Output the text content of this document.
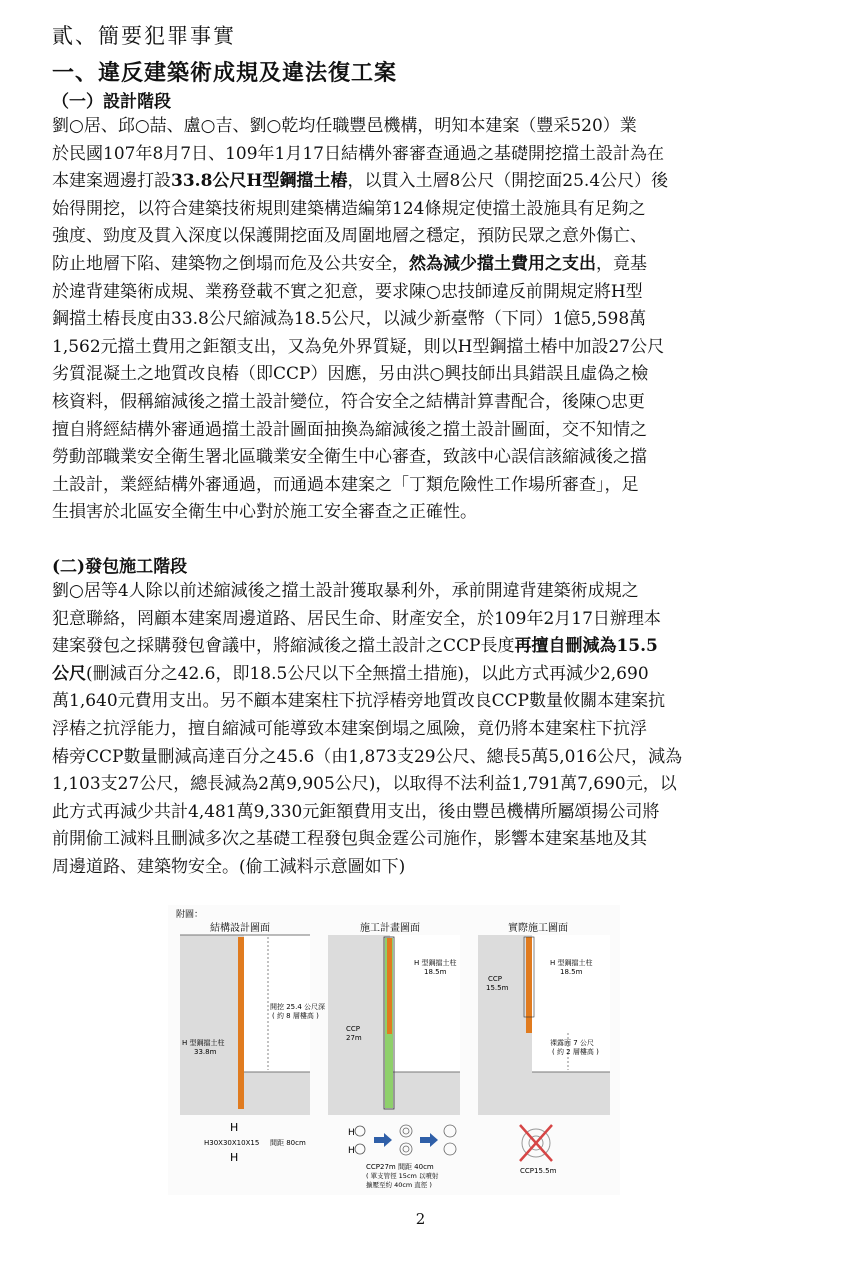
貳、簡要犯罪事實
一、違反建築術成規及違法復工案
（一）設計階段
劉○居、邱○喆、盧○吉、劉○乾均任職豐邑機構，明知本建案（豐采520）業
於民國107年8月7日、109年1月17日結構外審審查通過之基礎開挖擋土設計為在
本建案週邊打設33.8公尺H型鋼擋土樁，以貫入土層8公尺（開挖面25.4公尺）後
始得開挖，以符合建築技術規則建築構造編第124條規定使擋土設施具有足夠之
強度、勁度及貫入深度以保護開挖面及周圍地層之穩定，預防民眾之意外傷亡、
防止地層下陷、建築物之倒塌而危及公共安全，然為減少擋土費用之支出，竟基
於違背建築術成規、業務登載不實之犯意，要求陳○忠技師違反前開規定將H型
鋼擋土樁長度由33.8公尺縮減為18.5公尺，以減少新臺幣（下同）1億5,598萬
1,562元擋土費用之鉅額支出，又為免外界質疑，則以H型鋼擋土樁中加設27公尺
劣質混凝土之地質改良樁（即CCP）因應，另由洪○興技師出具錯誤且虛偽之檢
核資料，假稱縮減後之擋土設計變位，符合安全之結構計算書配合，後陳○忠更
擅自將經結構外審通過擋土設計圖面抽換為縮減後之擋土設計圖面，交不知情之
勞動部職業安全衛生署北區職業安全衛生中心審查，致該中心誤信該縮減後之擋
土設計，業經結構外審通過，而通過本建案之「丁類危險性工作場所審查」，足
生損害於北區安全衛生中心對於施工安全審查之正確性。
(二)發包施工階段
劉○居等4人除以前述縮減後之擋土設計獲取暴利外，承前開違背建築術成規之
犯意聯絡，罔顧本建案周邊道路、居民生命、財產安全，於109年2月17日辦理本
建案發包之採購發包會議中，將縮減後之擋土設計之CCP長度再擅自刪減為15.5
公尺(刪減百分之42.6，即18.5公尺以下全無擋土措施)，以此方式再減少2,690
萬1,640元費用支出。另不顧本建案柱下抗浮樁旁地質改良CCP數量攸關本建案抗
浮樁之抗浮能力，擅自縮減可能導致本建案倒塌之風險，竟仍將本建案柱下抗浮
樁旁CCP數量刪減高達百分之45.6（由1,873支29公尺、總長5萬5,016公尺，減為
1,103支27公尺，總長減為2萬9,905公尺)，以取得不法利益1,791萬7,690元，以
此方式再減少共計4,481萬9,330元鉅額費用支出，後由豐邑機構所屬頌揚公司將
前開偷工減料且刪減多次之基礎工程發包與金霆公司施作，影響本建案基地及其
周邊道路、建築物安全。(偷工減料示意圖如下)
附圖：
結構設計圖面	施工計畫圖面	實際施工圖面
開挖 25.4 公尺深
( 約 8 層樓高 )
H 型鋼擋土柱
33.8m
H
H30X30X10X15 間距 80cm
H
H 型鋼擋土柱
18.5m
CCP
27m
H
H
CCP27m 間距 40cm
( 單支管徑 15cm 以噴射
擴壓至約 40cm 直徑 )
CCP
15.5m
H 型鋼擋土柱
18.5m
裸露面 7 公尺
( 約 2 層樓高 )
CCP15.5m
2
